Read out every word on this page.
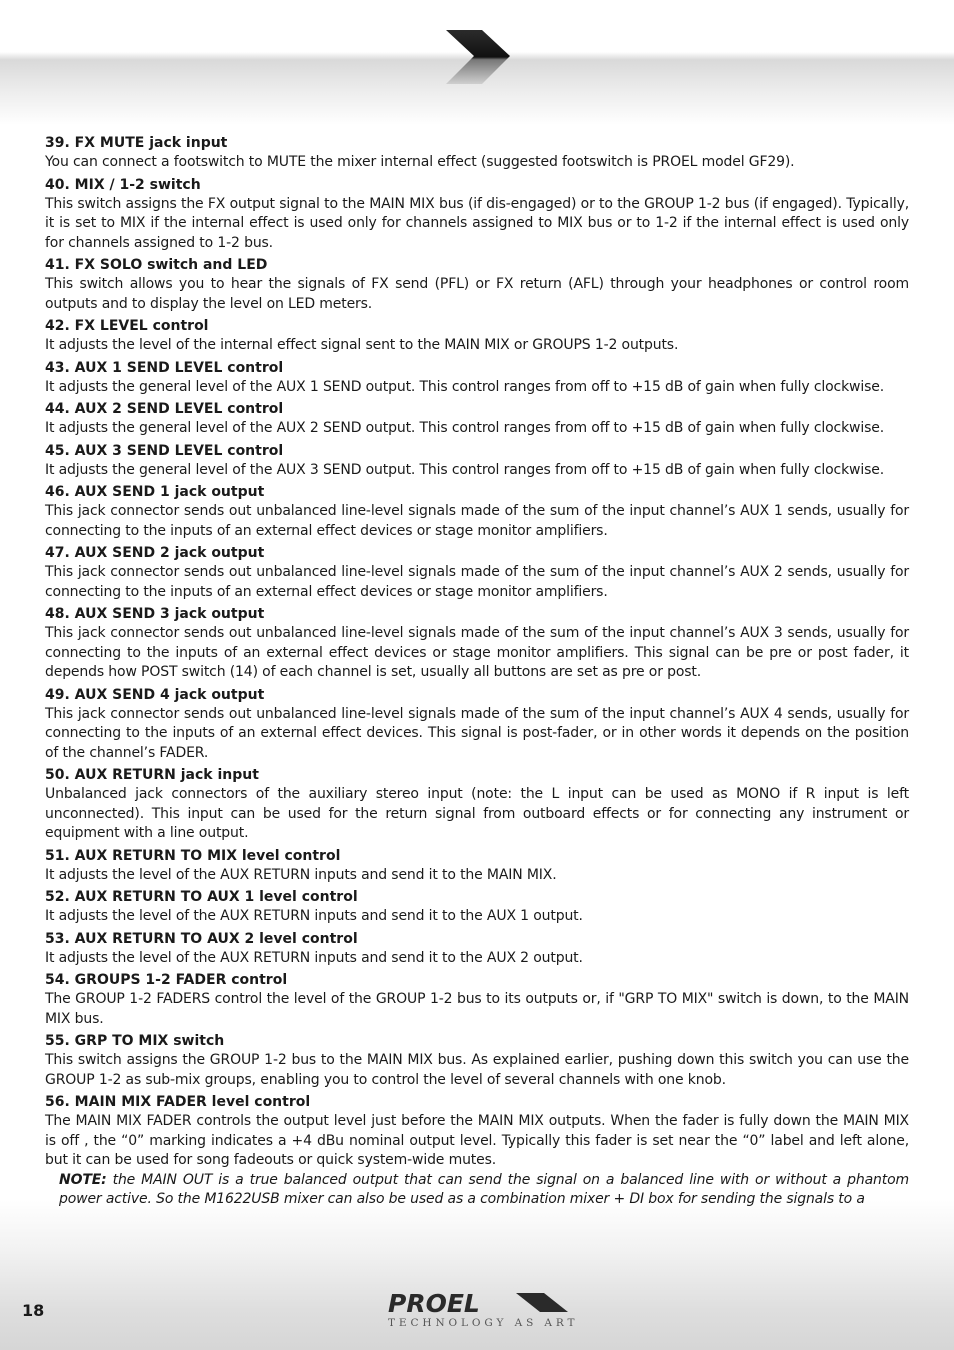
39. FX MUTE jack input
You can connect a footswitch to MUTE the mixer internal effect (suggested footswitch is PROEL model GF29).
40. MIX / 1-2 switch
This switch assigns the FX output signal to the MAIN MIX bus (if dis-engaged) or to the GROUP 1-2 bus (if engaged). Typically, it is set to MIX if the internal effect is used only for channels assigned to MIX bus or to 1-2 if the internal effect is used only for channels assigned to 1-2 bus.
41. FX SOLO switch and LED
This switch allows you to hear the signals of FX send (PFL) or FX return (AFL) through your headphones or control room outputs and to display the level on LED meters.
42. FX LEVEL control
It adjusts the level of the internal effect signal sent to the MAIN MIX or GROUPS 1-2 outputs.
43. AUX 1 SEND LEVEL control
It adjusts the general level of the AUX 1 SEND output. This control ranges from off to +15 dB of gain when fully clockwise.
44. AUX 2 SEND LEVEL control
It adjusts the general level of the AUX 2 SEND output. This control ranges from off to +15 dB of gain when fully clockwise.
45. AUX 3 SEND LEVEL control
It adjusts the general level of the AUX 3 SEND output. This control ranges from off to +15 dB of gain when fully clockwise.
46. AUX SEND 1 jack output
This jack connector sends out unbalanced line-level signals made of the sum of the input channel’s AUX 1 sends, usually for connecting to the inputs of an external effect devices or stage monitor amplifiers.
47. AUX SEND 2 jack output
This jack connector sends out unbalanced line-level signals made of the sum of the input channel’s AUX 2 sends, usually for connecting to the inputs of an external effect devices or stage monitor amplifiers.
48. AUX SEND 3 jack output
This jack connector sends out unbalanced line-level signals made of the sum of the input channel’s AUX 3 sends, usually for connecting to the inputs of an external effect devices or stage monitor amplifiers. This signal can be pre or post fader, it depends how POST switch (14) of each channel is set, usually all buttons are set as pre or post.
49. AUX SEND 4 jack output
This jack connector sends out unbalanced line-level signals made of the sum of the input channel’s AUX 4 sends, usually for connecting to the inputs of an external effect devices. This signal is post-fader, or in other words it depends on the position of the channel’s FADER.
50. AUX RETURN jack input
Unbalanced jack connectors of the auxiliary stereo input (note: the L input can be used as MONO if R input is left unconnected). This input can be used for the return signal from outboard effects or for connecting any instrument or equipment with a line output.
51. AUX RETURN TO MIX level control
It adjusts the level of the AUX RETURN inputs and send it to the MAIN MIX.
52. AUX RETURN TO AUX 1 level control
It adjusts the level of the AUX RETURN inputs and send it to the AUX 1 output.
53. AUX RETURN TO AUX 2 level control
It adjusts the level of the AUX RETURN inputs and send it to the AUX 2 output.
54. GROUPS 1-2 FADER control
The GROUP 1-2 FADERS control the level of the GROUP 1-2 bus to its outputs or, if "GRP TO MIX" switch is down, to the MAIN MIX bus.
55. GRP TO MIX switch
This switch assigns the GROUP 1-2 bus to the MAIN MIX bus. As explained earlier, pushing down this switch you can use the GROUP 1-2 as sub-mix groups, enabling you to control the level of several channels with one knob.
56. MAIN MIX FADER level control
The MAIN MIX FADER controls the output level just before the MAIN MIX outputs. When the fader is fully down the MAIN MIX is off , the “0” marking indicates a +4 dBu nominal output level. Typically this fader is set near the “0” label and left alone, but it can be used for song fadeouts or quick system-wide mutes.
NOTE: the MAIN OUT is a true balanced output that can send the signal on a balanced line with or without a phantom power active. So the M1622USB mixer can also be used as a combination mixer + DI box for sending the signals to a
18	PROEL
TECHNOLOGY AS ART
